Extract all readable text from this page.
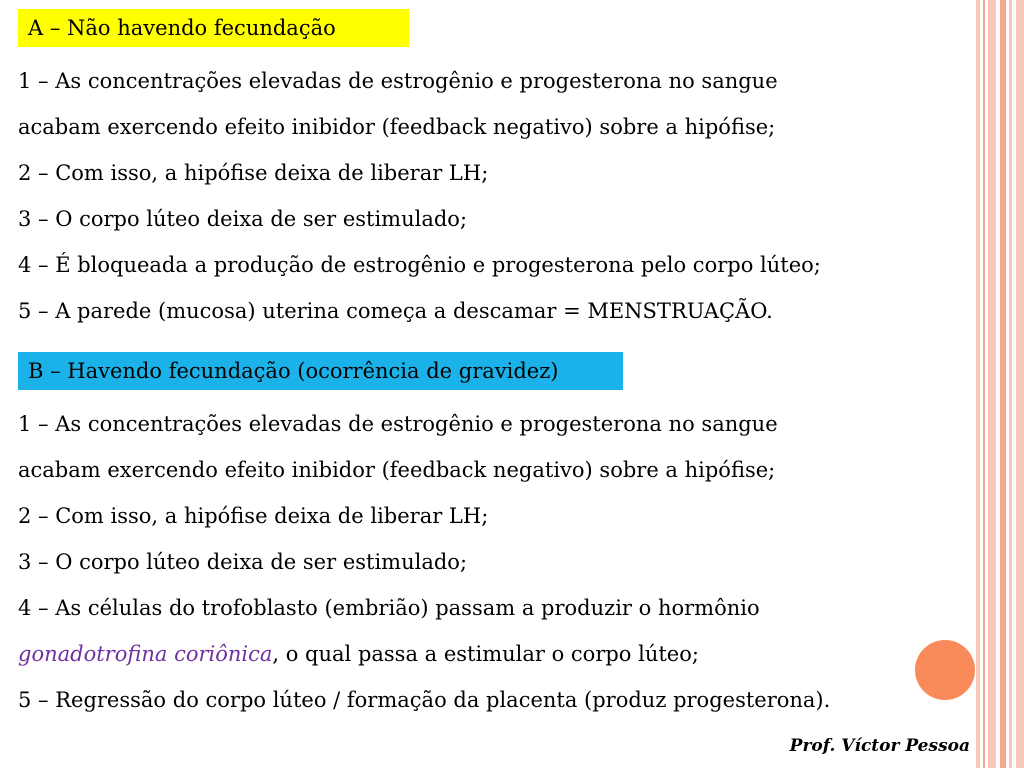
A – Não havendo fecundação
1 – As concentrações elevadas de estrogênio e progesterona no sangue
acabam exercendo efeito inibidor (feedback negativo) sobre a hipófise;
2 – Com isso, a hipófise deixa de liberar LH;
3 – O corpo lúteo deixa de ser estimulado;
4 – É bloqueada a produção de estrogênio e progesterona pelo corpo lúteo;
5 – A parede (mucosa) uterina começa a descamar = MENSTRUAÇÃO.
B – Havendo fecundação (ocorrência de gravidez)
1 – As concentrações elevadas de estrogênio e progesterona no sangue
acabam exercendo efeito inibidor (feedback negativo) sobre a hipófise;
2 – Com isso, a hipófise deixa de liberar LH;
3 – O corpo lúteo deixa de ser estimulado;
4 – As células do trofoblasto (embrião) passam a produzir o hormônio
gonadotrofina coriônica, o qual passa a estimular o corpo lúteo;
5 – Regressão do corpo lúteo / formação da placenta (produz progesterona).
Prof. Víctor Pessoa
